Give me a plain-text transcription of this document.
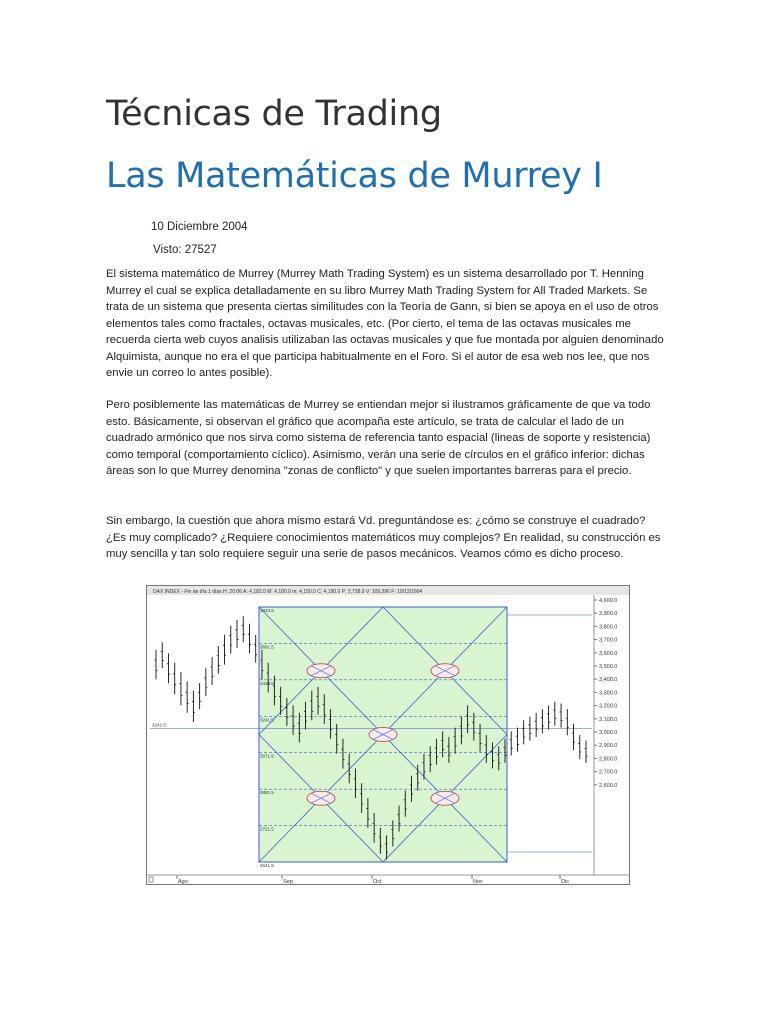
Técnicas de Trading
Las Matemáticas de Murrey I
10 Diciembre 2004
Visto: 27527

El sistema matemático de Murrey (Murrey Math Trading System) es un sistema desarrollado por T. Henning Murrey el cual se explica detalladamente en su libro Murrey Math Trading System for All Traded Markets. Se trata de un sistema que presenta ciertas similitudes con la Teoría de Gann, si bien se apoya en el uso de otros elementos tales como fractales, octavas musicales, etc. (Por cierto, el tema de las octavas musicales me recuerda cierta web cuyos analisis utilizaban las octavas musicales y que fue montada por alguien denominado Alquimista, aunque no era el que participa habitualmente en el Foro. Si el autor de esa web nos lee, que nos envie un correo lo antes posible).

Pero posiblemente las matemáticas de Murrey se entiendan mejor si ilustramos gráficamente de que va todo esto. Básicamente, si observan el gráfico que acompaña este artículo, se trata de calcular el lado de un cuadrado armónico que nos sirva como sistema de referencia tanto espacial (lineas de soporte y resistencia) como temporal (comportamiento cíclico). Asimismo, verán una serie de círculos en el gráfico inferior: dichas áreas son lo que Murrey denomina "zonas de conflicto" y que suelen importantes barreras para el precio.

Sin embargo, la cuestión que ahora mismo estará Vd. preguntándose es: ¿cómo se construye el cuadrado? ¿Es muy complicado? ¿Requiere conocimientos matemáticos muy complejos? En realidad, su construcción es muy sencilla y tan solo requiere seguir una serie de pasos mecánicos. Veamos cómo es dicho proceso.

DAX INDEX - Fin de día 1 días H: 20:06 A: 4,182.0 M: 4,180.0 m: 4,150.0 C: 4,190.0 P: 2,738.9 V: 109,386 F: 10/12/2004
3943.5
3691.5
3431.5
3241.5
3071.5
2891.5
2721.5
2641.5
3242.5
4,600.0
3,900.0
3,800.0
3,700.0
3,600.0
3,500.0
3,400.0
3,300.0
3,200.0
3,100.0
3,000.0
2,900.0
2,800.0
2,700.0
2,600.0
Ago	Sep	Oct	Nov	Dic
